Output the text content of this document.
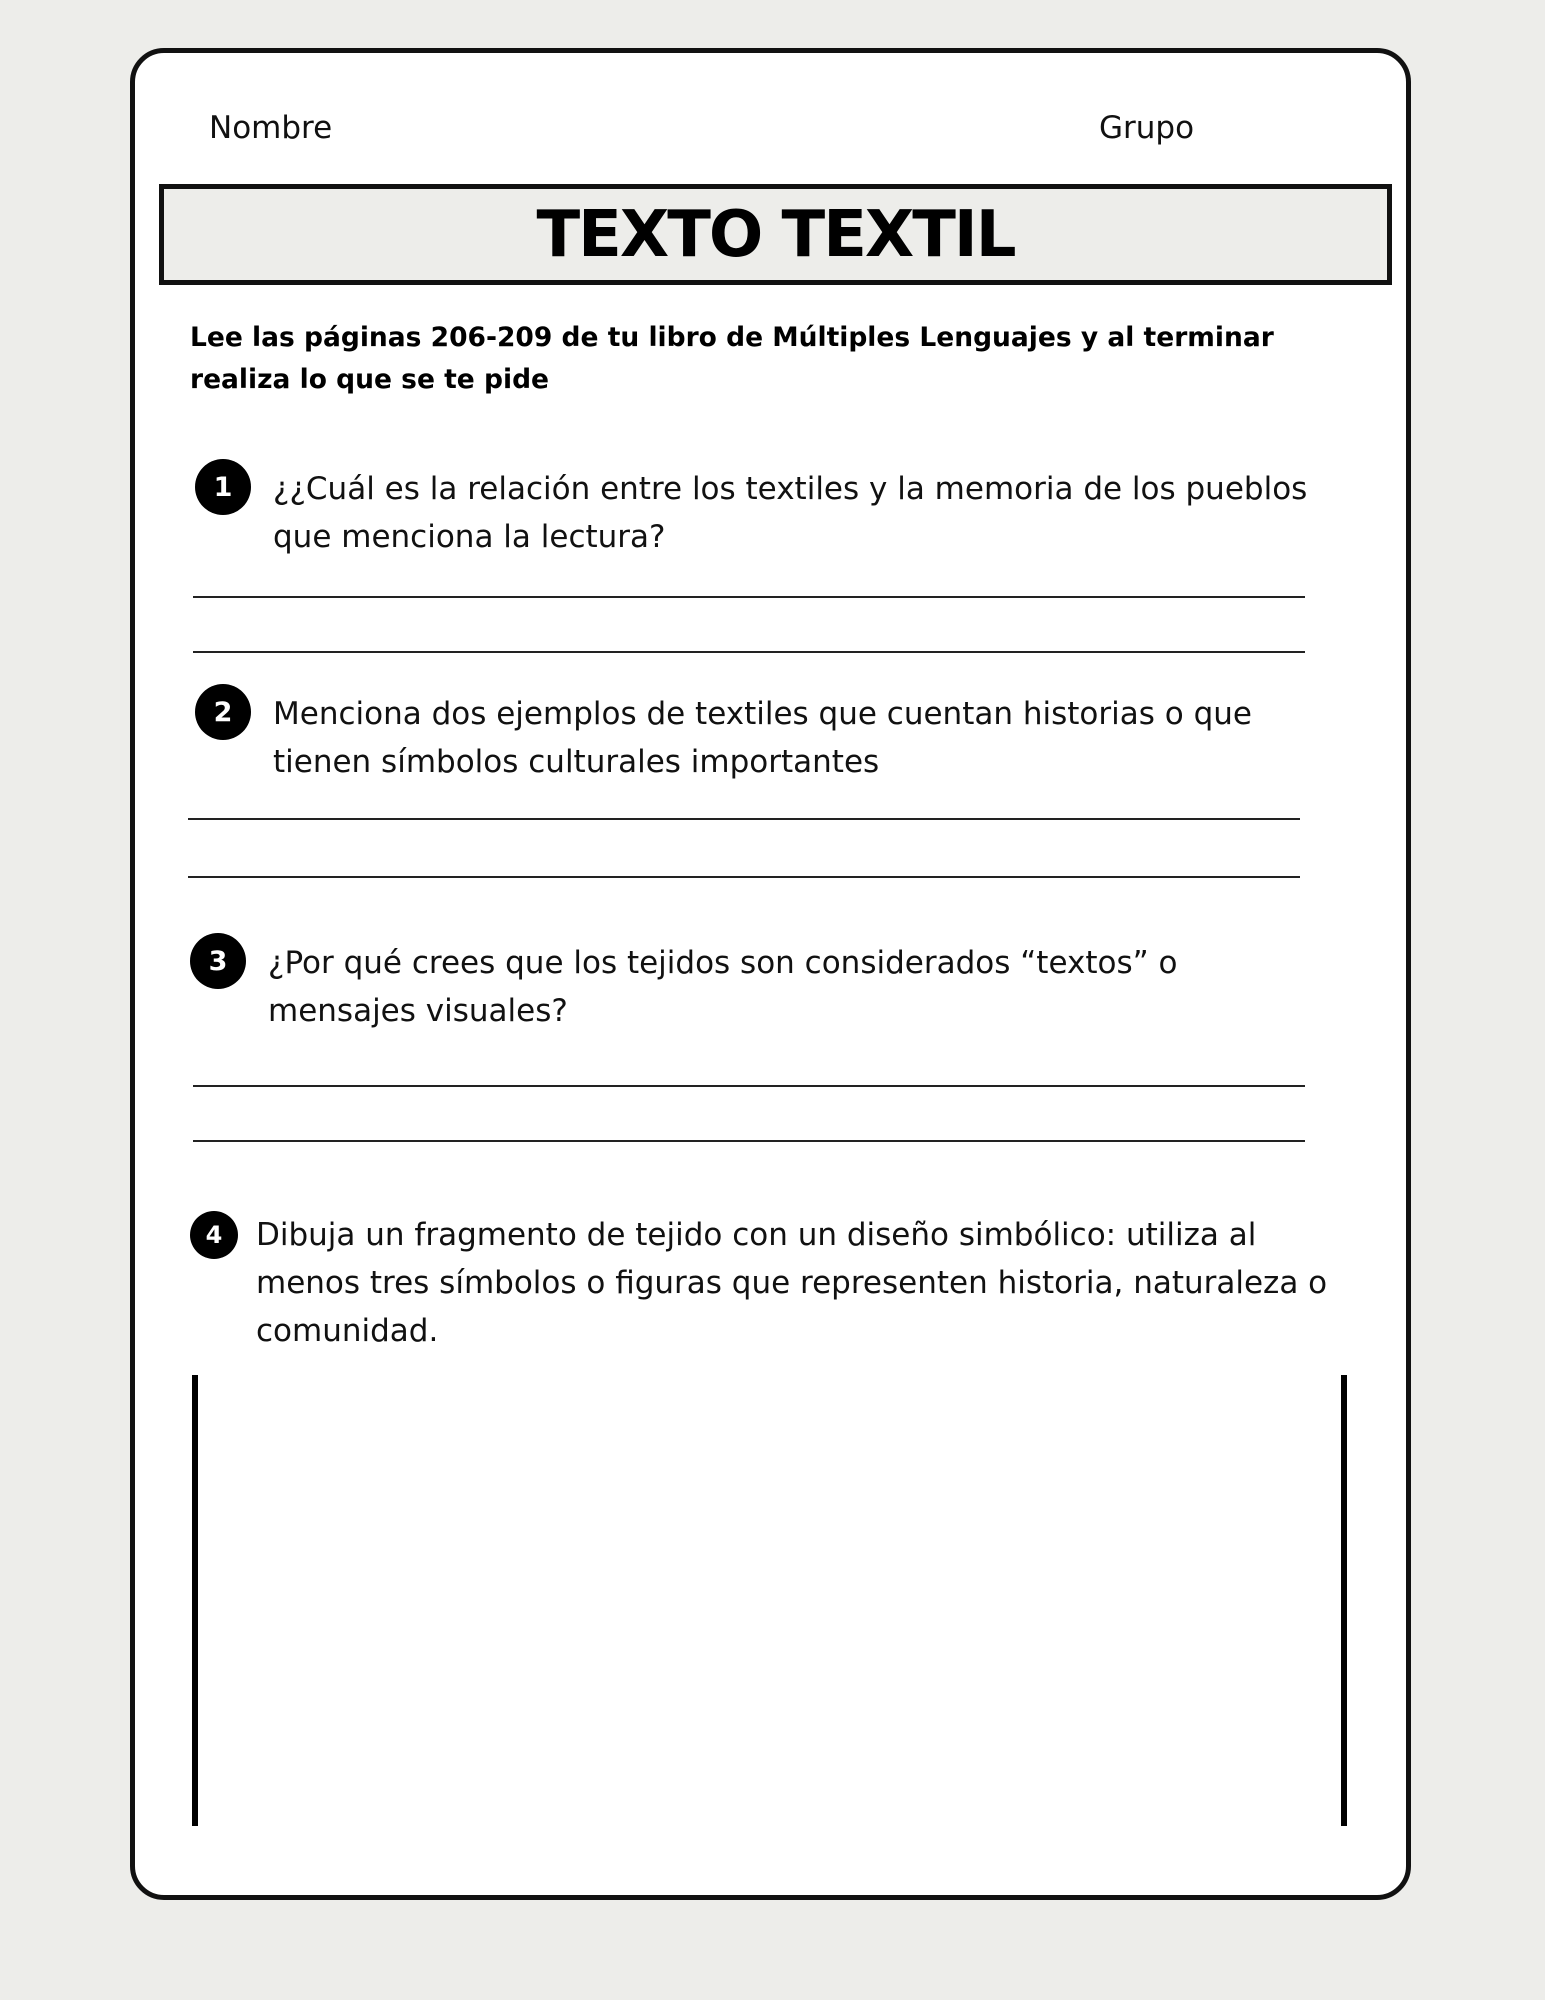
Nombre	Grupo
TEXTO TEXTIL
Lee las páginas 206-209 de tu libro de Múltiples Lenguajes y al terminar realiza lo que se te pide
1	¿¿Cuál es la relación entre los textiles y la memoria de los pueblos que menciona la lectura?
2	Menciona dos ejemplos de textiles que cuentan historias o que tienen símbolos culturales importantes
3	¿Por qué crees que los tejidos son considerados “textos” o mensajes visuales?
4	Dibuja un fragmento de tejido con un diseño simbólico: utiliza al menos tres símbolos o figuras que representen historia, naturaleza o comunidad.
